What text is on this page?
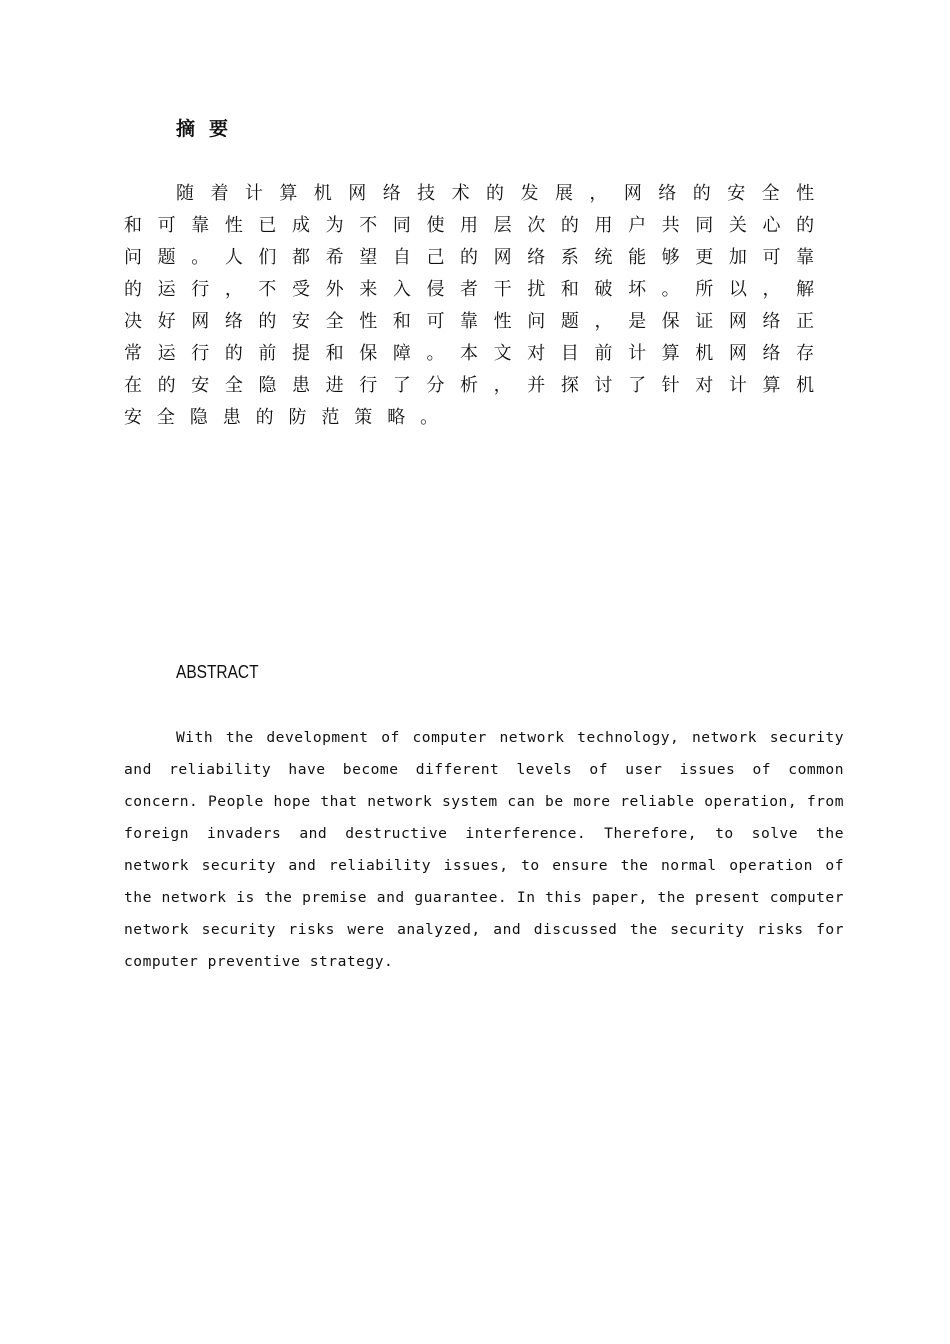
摘要

随着计算机网络技术的发展，网络的安全性和可靠性已成为不同使用层次的用户共同关心的问题。人们都希望自己的网络系统能够更加可靠的运行，不受外来入侵者干扰和破坏。所以，解决好网络的安全性和可靠性问题，是保证网络正常运行的前提和保障。本文对目前计算机网络存在的安全隐患进行了分析，并探讨了针对计算机安全隐患的防范策略。

ABSTRACT

With the development of computer network technology, network security and reliability have become different levels of user issues of common concern. People hope that network system can be more reliable operation, from foreign invaders and destructive interference. Therefore, to solve the network security and reliability issues, to ensure the normal operation of the network is the premise and guarantee. In this paper, the present computer network security risks were analyzed, and discussed the security risks for computer preventive strategy.
